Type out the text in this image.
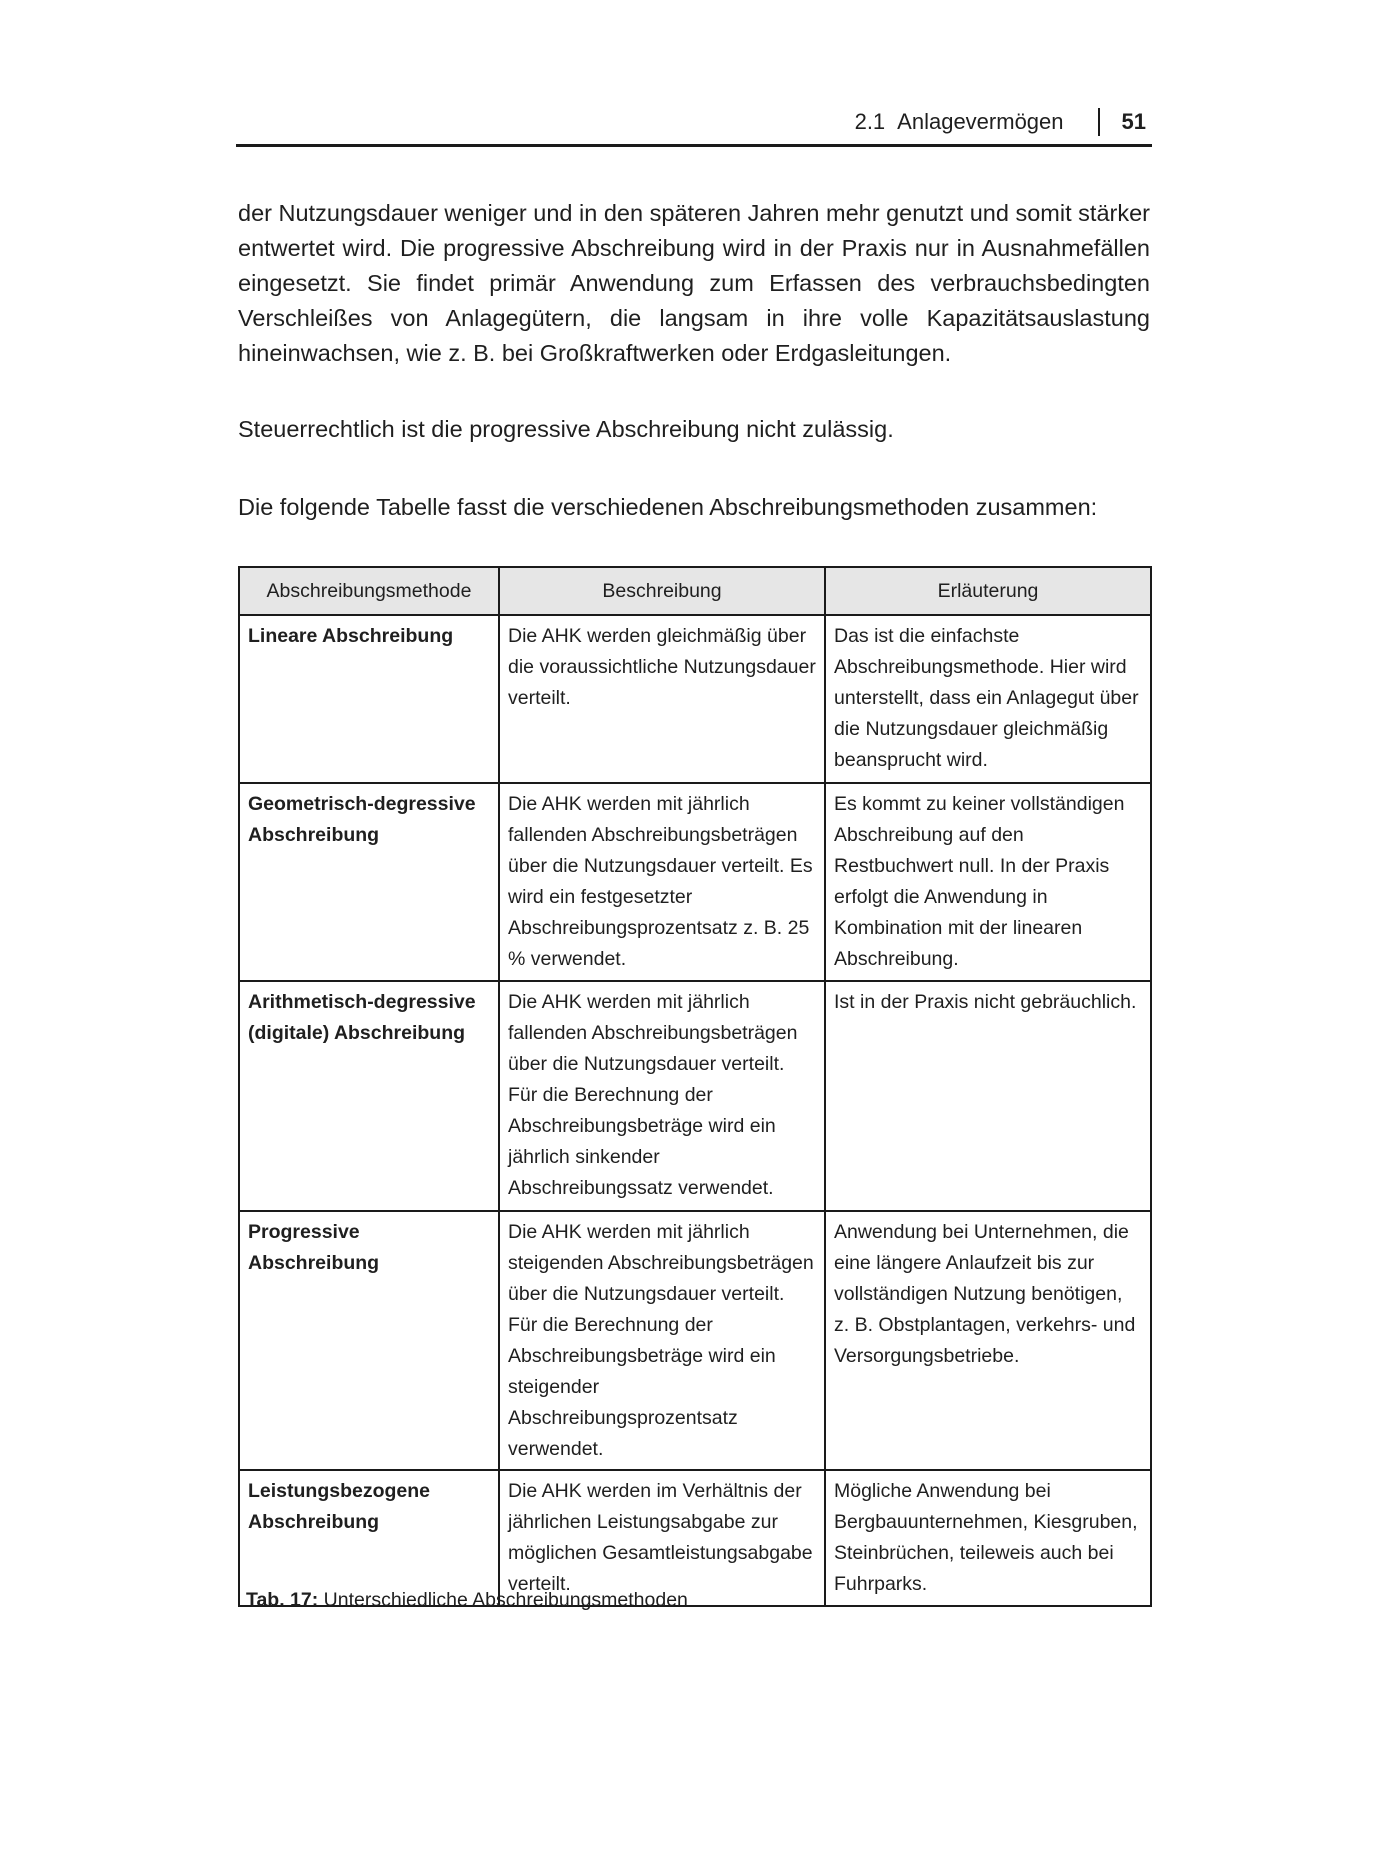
2.1 Anlagevermögen	51

der Nutzungsdauer weniger und in den späteren Jahren mehr genutzt und somit stärker entwertet wird. Die progressive Abschreibung wird in der Praxis nur in Ausnahmefällen eingesetzt. Sie findet primär Anwendung zum Erfassen des verbrauchsbedingten Verschleißes von Anlagegütern, die langsam in ihre volle Kapazitätsauslastung hineinwachsen, wie z. B. bei Großkraftwerken oder Erdgasleitungen.

Steuerrechtlich ist die progressive Abschreibung nicht zulässig.

Die folgende Tabelle fasst die verschiedenen Abschreibungsmethoden zusammen:

Abschreibungsmethode	Beschreibung	Erläuterung
Lineare Abschreibung	Die AHK werden gleichmäßig über die voraussichtliche Nutzungsdauer verteilt.	Das ist die einfachste Abschreibungsmethode. Hier wird unterstellt, dass ein Anlagegut über die Nutzungsdauer gleichmäßig beansprucht wird.
Geometrisch-degressive Abschreibung	Die AHK werden mit jährlich fallenden Abschreibungsbeträgen über die Nutzungsdauer verteilt. Es wird ein festgesetzter Abschreibungsprozentsatz z. B. 25 % verwendet.	Es kommt zu keiner vollständigen Abschreibung auf den Restbuchwert null. In der Praxis erfolgt die Anwendung in Kombination mit der linearen Abschreibung.
Arithmetisch-degressive (digitale) Abschreibung	Die AHK werden mit jährlich fallenden Abschreibungsbeträgen über die Nutzungsdauer verteilt. Für die Berechnung der Abschreibungsbeträge wird ein jährlich sinkender Abschreibungssatz verwendet.	Ist in der Praxis nicht gebräuchlich.
Progressive Abschreibung	Die AHK werden mit jährlich steigenden Abschreibungsbeträgen über die Nutzungsdauer verteilt. Für die Berechnung der Abschreibungsbeträge wird ein steigender Abschreibungsprozentsatz verwendet.	Anwendung bei Unternehmen, die eine längere Anlaufzeit bis zur vollständigen Nutzung benötigen, z. B. Obstplantagen, verkehrs- und Versorgungsbetriebe.
Leistungsbezogene Abschreibung	Die AHK werden im Verhältnis der jährlichen Leistungsabgabe zur möglichen Gesamtleistungsabgabe verteilt.	Mögliche Anwendung bei Bergbauunternehmen, Kiesgruben, Steinbrüchen, teileweis auch bei Fuhrparks.
Tab. 17: Unterschiedliche Abschreibungsmethoden
